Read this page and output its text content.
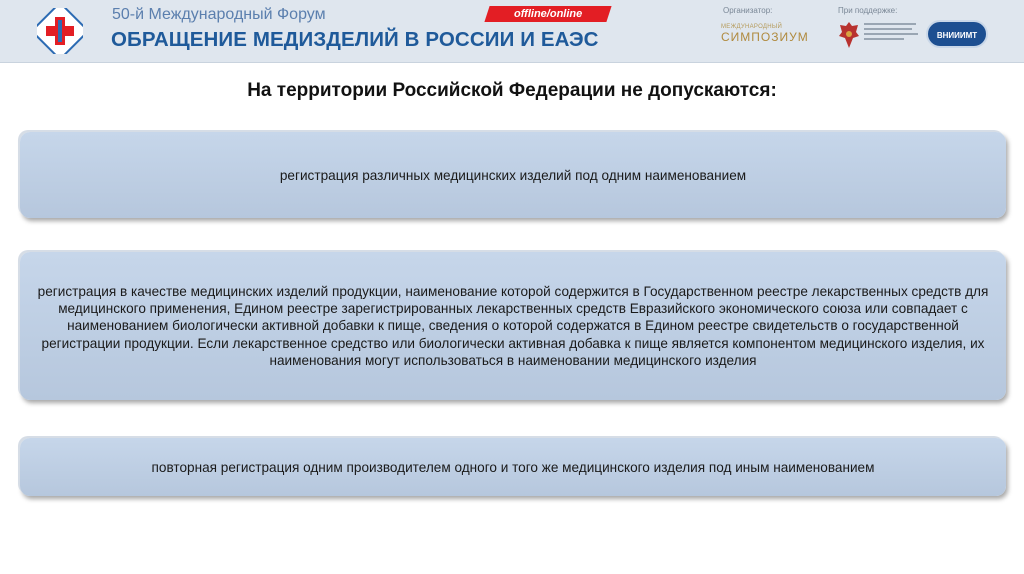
50-й Международный Форум
ОБРАЩЕНИЕ МЕДИЗДЕЛИЙ В РОССИИ И ЕАЭС
offline/online	Организатор:	При поддержке:
МЕЖДУНАРОДНЫЙ
СИМПОЗИУМ	ВНИИИМТ
На территории Российской Федерации не допускаются:
регистрация различных медицинских изделий под одним наименованием
регистрация в качестве медицинских изделий продукции, наименование которой содержится в Государственном реестре лекарственных средств для медицинского применения, Едином реестре зарегистрированных лекарственных средств Евразийского экономического союза или совпадает с наименованием биологически активной добавки к пище, сведения о которой содержатся в Едином реестре свидетельств о государственной регистрации продукции. Если лекарственное средство или биологически активная добавка к пище является компонентом медицинского изделия, их наименования могут использоваться в наименовании медицинского изделия
повторная регистрация одним производителем одного и того же медицинского изделия под иным наименованием
